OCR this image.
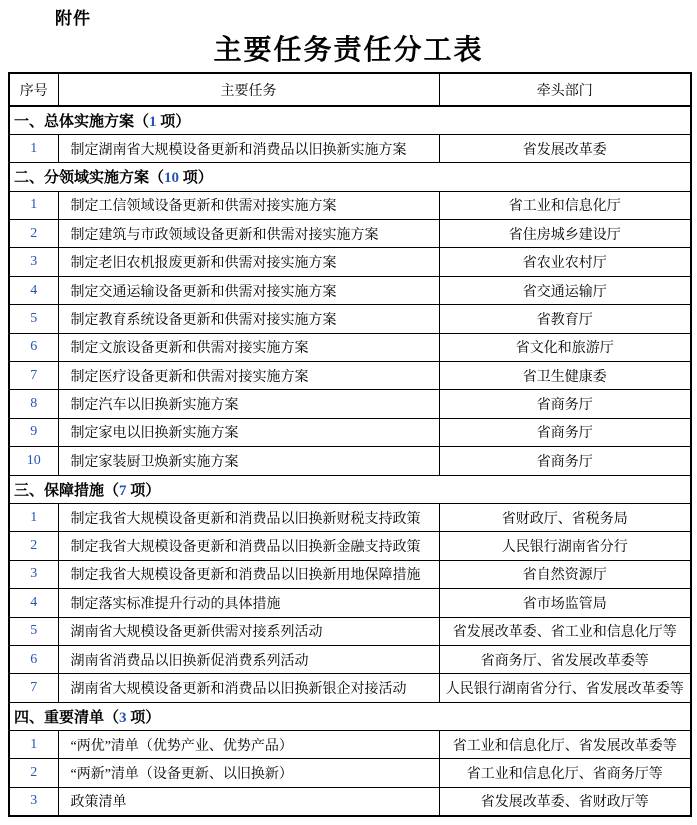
附件
主要任务责任分工表
序号	主要任务	牵头部门
一、总体实施方案（1 项）		
1	制定湖南省大规模设备更新和消费品以旧换新实施方案	省发展改革委
二、分领域实施方案（10 项）		
1	制定工信领域设备更新和供需对接实施方案	省工业和信息化厅
2	制定建筑与市政领域设备更新和供需对接实施方案	省住房城乡建设厅
3	制定老旧农机报废更新和供需对接实施方案	省农业农村厅
4	制定交通运输设备更新和供需对接实施方案	省交通运输厅
5	制定教育系统设备更新和供需对接实施方案	省教育厅
6	制定文旅设备更新和供需对接实施方案	省文化和旅游厅
7	制定医疗设备更新和供需对接实施方案	省卫生健康委
8	制定汽车以旧换新实施方案	省商务厅
9	制定家电以旧换新实施方案	省商务厅
10	制定家装厨卫焕新实施方案	省商务厅
三、保障措施（7 项）		
1	制定我省大规模设备更新和消费品以旧换新财税支持政策	省财政厅、省税务局
2	制定我省大规模设备更新和消费品以旧换新金融支持政策	人民银行湖南省分行
3	制定我省大规模设备更新和消费品以旧换新用地保障措施	省自然资源厅
4	制定落实标准提升行动的具体措施	省市场监管局
5	湖南省大规模设备更新供需对接系列活动	省发展改革委、省工业和信息化厅等
6	湖南省消费品以旧换新促消费系列活动	省商务厅、省发展改革委等
7	湖南省大规模设备更新和消费品以旧换新银企对接活动	人民银行湖南省分行、省发展改革委等
四、重要清单（3 项）		
1	“两优”清单（优势产业、优势产品）	省工业和信息化厅、省发展改革委等
2	“两新”清单（设备更新、以旧换新）	省工业和信息化厅、省商务厅等
3	政策清单	省发展改革委、省财政厅等
